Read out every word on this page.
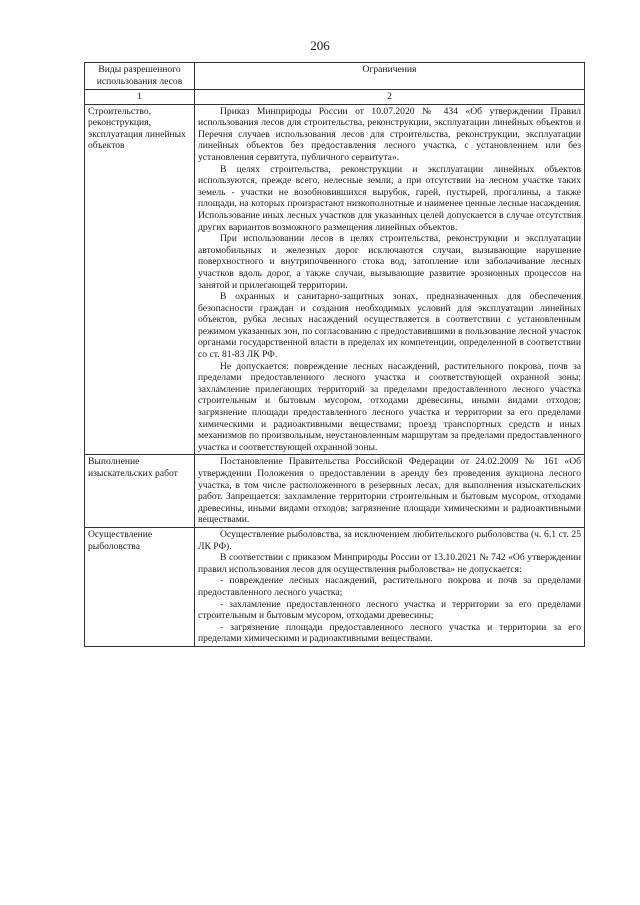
206
Виды разрешенного использования лесов	Ограничения
1	2
Строительство, реконструкция, эксплуатация линейных объектов	Приказ Минприроды России от 10.07.2020 № 434 «Об утверждении Правил использования лесов для строительства, реконструкции, эксплуатации линейных объектов и Перечня случаев использования лесов для строительства, реконструкции, эксплуатации линейных объектов без предоставления лесного участка, с установлением или без установления сервитута, публичного сервитута».

В целях строительства, реконструкции и эксплуатации линейных объектов используются, прежде всего, нелесные земли, а при отсутствии на лесном участке таких земель - участки не возобновившихся вырубок, гарей, пустырей, прогалины, а также площади, на которых произрастают низкополнотные и наименее ценные лесные насаждения. Использование иных лесных участков для указанных целей допускается в случае отсутствия других вариантов возможного размещения линейных объектов.

При использовании лесов в целях строительства, реконструкции и эксплуатации автомобильных и железных дорог исключаются случаи, вызывающие нарушение поверхностного и внутрипочвенного стока вод, затопление или заболачивание лесных участков вдоль дорог, а также случаи, вызывающие развитие эрозионных процессов на занятой и прилегающей территории.

В охранных и санитарно-защитных зонах, предназначенных для обеспечения безопасности граждан и создания необходимых условий для эксплуатации линейных объектов, рубка лесных насаждений осуществляется в соответствии с установленным режимом указанных зон, по согласованию с предоставившими в пользование лесной участок органами государственной власти в пределах их компетенции, определенной в соответствии со ст. 81-83 ЛК РФ.

Не допускается: повреждение лесных насаждений, растительного покрова, почв за пределами предоставленного лесного участка и соответствующей охранной зоны; захламление прилегающих территорий за пределами предоставленного лесного участка строительным и бытовым мусором, отходами древесины, иными видами отходов; загрязнение площади предоставленного лесного участка и территории за его пределами химическими и радиоактивными веществами; проезд транспортных средств и иных механизмов по произвольным, неустановленным маршрутам за пределами предоставленного участка и соответствующей охранной зоны.

Выполнение изыскательских работ	Постановление Правительства Российской Федерации от 24.02.2009 № 161 «Об утверждении Положения о предоставлении в аренду без проведения аукциона лесного участка, в том числе расположенного в резервных лесах, для выполнения изыскательских работ. Запрещается: захламление территории строительным и бытовым мусором, отходами древесины, иными видами отходов; загрязнение площади химическими и радиоактивными веществами.

Осуществление рыболовства	Осуществление рыболовства, за исключением любительского рыболовства (ч. 6.1 ст. 25 ЛК РФ).

В соответствии с приказом Минприроды России от 13.10.2021 № 742 «Об утверждении правил использования лесов для осуществления рыболовства» не допускается:

- повреждение лесных насаждений, растительного покрова и почв за пределами предоставленного лесного участка;

- захламление предоставленного лесного участка и территории за его пределами строительным и бытовым мусором, отходами древесины;

- загрязнение площади предоставленного лесного участка и территории за его пределами химическими и радиоактивными веществами.
